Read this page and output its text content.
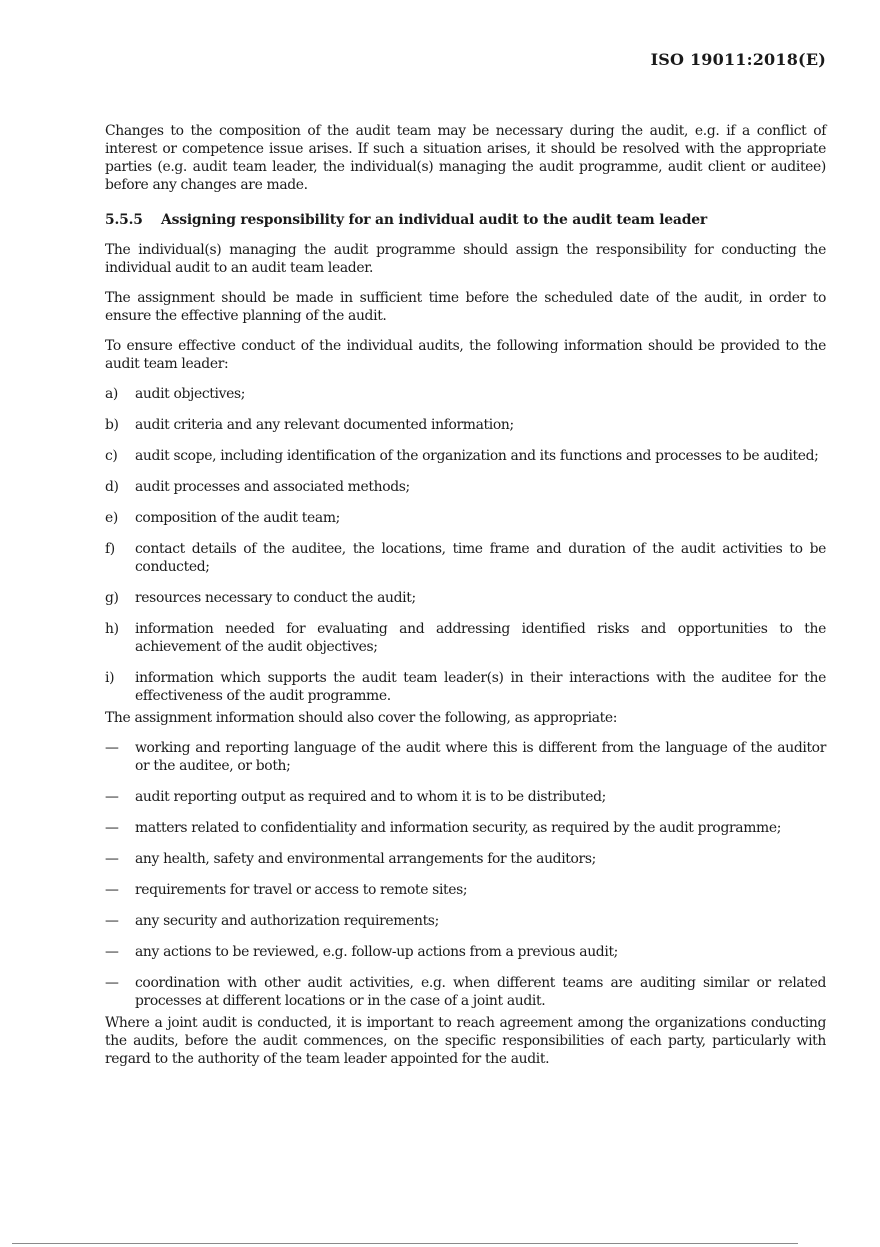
ISO 19011:2018(E)

Changes to the composition of the audit team may be necessary during the audit, e.g. if a conflict of interest or competence issue arises. If such a situation arises, it should be resolved with the appropriate parties (e.g. audit team leader, the individual(s) managing the audit programme, audit client or auditee) before any changes are made.

5.5.5	Assigning responsibility for an individual audit to the audit team leader

The individual(s) managing the audit programme should assign the responsibility for conducting the individual audit to an audit team leader.

The assignment should be made in sufficient time before the scheduled date of the audit, in order to ensure the effective planning of the audit.

To ensure effective conduct of the individual audits, the following information should be provided to the audit team leader:

a)	audit objectives;
b)	audit criteria and any relevant documented information;
c)	audit scope, including identification of the organization and its functions and processes to be audited;
d)	audit processes and associated methods;
e)	composition of the audit team;
f)	contact details of the auditee, the locations, time frame and duration of the audit activities to be conducted;
g)	resources necessary to conduct the audit;
h)	information needed for evaluating and addressing identified risks and opportunities to the achievement of the audit objectives;
i)	information which supports the audit team leader(s) in their interactions with the auditee for the effectiveness of the audit programme.

The assignment information should also cover the following, as appropriate:

—	working and reporting language of the audit where this is different from the language of the auditor or the auditee, or both;
—	audit reporting output as required and to whom it is to be distributed;
—	matters related to confidentiality and information security, as required by the audit programme;
—	any health, safety and environmental arrangements for the auditors;
—	requirements for travel or access to remote sites;
—	any security and authorization requirements;
—	any actions to be reviewed, e.g. follow-up actions from a previous audit;
—	coordination with other audit activities, e.g. when different teams are auditing similar or related processes at different locations or in the case of a joint audit.

Where a joint audit is conducted, it is important to reach agreement among the organizations conducting the audits, before the audit commences, on the specific responsibilities of each party, particularly with regard to the authority of the team leader appointed for the audit.
